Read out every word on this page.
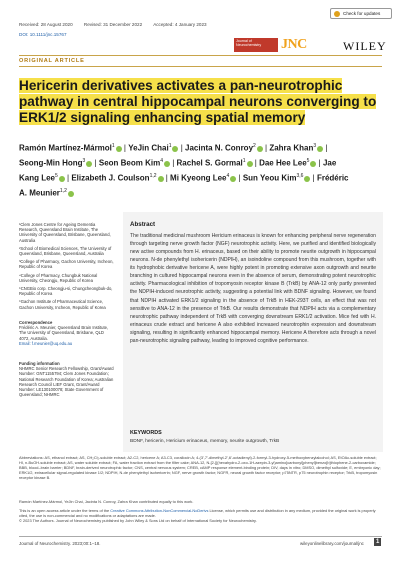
Received: 28 August 2020 Revised: 31 December 2022 Accepted: 4 January 2023
DOI: 10.1111/jnc.15767
Check for updates
Journal of Neurochemistry	JNC	WILEY
ORIGINAL ARTICLE
Hericerin derivatives activates a pan-neurotrophic pathway in central hippocampal neurons converging to ERK1/2 signaling enhancing spatial memory
Ramón Martínez-Mármol$^1$ | YeJin Chai$^1$ | Jacinta N. Conroy$^2$ | Zahra Khan$^3$ | Seong-Min Hong$^3$ | Seon Beom Kim$^4$ | Rachel S. Gormal$^1$ | Dae Hee Lee$^5$ | Jae Kang Lee$^5$ | Elizabeth J. Coulson$^{1,2}$ | Mi Kyeong Lee$^4$ | Sun Yeou Kim$^{3,6}$ | Frédéric A. Meunier$^{1,2}$

¹Clem Jones Centre for Ageing Dementia Research, Queensland Brain Institute, The University of Queensland, Brisbane, Queensland, Australia

²School of Biomedical Sciences, The University of Queensland, Brisbane, Queensland, Australia

³College of Pharmacy, Gachon University, Incheon, Republic of Korea

⁴College of Pharmacy, Chungbuk National University, Cheongju, Republic of Korea

⁵CNGBio corp. Cheongju-si, Chungcheongbuk-do, Republic of Korea

⁶Gachon Institute of Pharmaceutical Science, Gachon University, Incheon, Republic of Korea

Correspondence
Frédéric A. Meunier, Queensland Brain Institute, The University of Queensland, Brisbane, QLD 4072, Australia.
Email: f.meunier@uq.edu.au
Funding information
NHMRC Senior Research Fellowship, Grant/Award Number: GNT1155794; Clem Jones Foundation; National Research Foundation of Korea; Australian Research Council LIEF Grant, Grant/Award Number: LE130100078; State Government of Queensland; NHMRC
Abstract
The traditional medicinal mushroom Hericium erinaceus is known for enhancing peripheral nerve regeneration through targeting nerve growth factor (NGF) neurotrophic activity. Here, we purified and identified biologically new active compounds from H. erinaceus, based on their ability to promote neurite outgrowth in hippocampal neurons. N-de phenylethyl isohericerin (NDPIH), an isoindoline compound from this mushroom, together with its hydrophobic derivative hericene A, were highly potent in promoting extensive axon outgrowth and neurite branching in cultured hippocampal neurons even in the absence of serum, demonstrating potent neurotrophic activity. Pharmacological inhibition of tropomyosin receptor kinase B (TrkB) by ANA-12 only partly prevented the NDPIH-induced neurotrophic activity, suggesting a potential link with BDNF signaling. However, we found that NDPIH activated ERK1/2 signaling in the absence of TrkB in HEK-293T cells, an effect that was not sensitive to ANA-12 in the presence of TrkB. Our results demonstrate that NDPIH acts via a complementary neurotrophic pathway independent of TrkB with converging downstream ERK1/2 activation. Mice fed with H. erinaceus crude extract and hericene A also exhibited increased neurotrophin expression and downstream signaling, resulting in significantly enhanced hippocampal memory. Hericene A therefore acts through a novel pan-neurotrophic signaling pathway, leading to improved cognitive performance.
KEYWORDS
BDNF, hericerin, Hericium erinaceus, memory, neurite outgrowth, TrkB
Abbreviations: AS, ethanol extract; AS, CH₂Cl₂-soluble extract; A2-C2, hericene A; A3-C3, corallocin A; 4-(3',7'-dimethyl-2',6'-octadienyl)-2-formyl-3-hydroxy-5-methoxybenzylalcohol; AS, EtOAc-soluble extract; HI, n-BuOH-soluble extract; AS, water soluble extract; FA, water fraction extract from the filter cake; ANA-12, N-[2-[[(hexahydro-2-oxo-1H-azepin-3-yl)amino]carbonyl]phenyl]benzo[b]thiophene-2-carboxamide; BBB, blood–brain barrier; BDNF, brain-derived neurotrophic factor; CNS, central nervous system; CREB, cAMP response element-binding protein; DIV, days in vitro; DMSO, dimethyl sulfoxide; E, embryonic day; ERK1/2, extracellular signal-regulated kinase 1/2; NDPIH, N-de phenylethyl isohericerin; NGF, nerve growth factor; NGFR, neural growth factor receptor; p75NTR, p75 neurotrophin receptor; TrkB, tropomyosin receptor kinase B.
Ramón Martínez-Mármol, YeJin Chai, Jacinta N. Conroy, Zahra Khan contributed equally to this work.
This is an open access article under the terms of the Creative Commons Attribution-NonCommercial-NoDerivs License, which permits use and distribution in any medium, provided the original work is properly cited, the use is non-commercial and no modifications or adaptations are made.
© 2023 The Authors. Journal of Neurochemistry published by John Wiley & Sons Ltd on behalf of International Society for Neurochemistry.
Journal of Neurochemistry. 2023;00:1–18.	wileyonlinelibrary.com/journal/jnc	1
